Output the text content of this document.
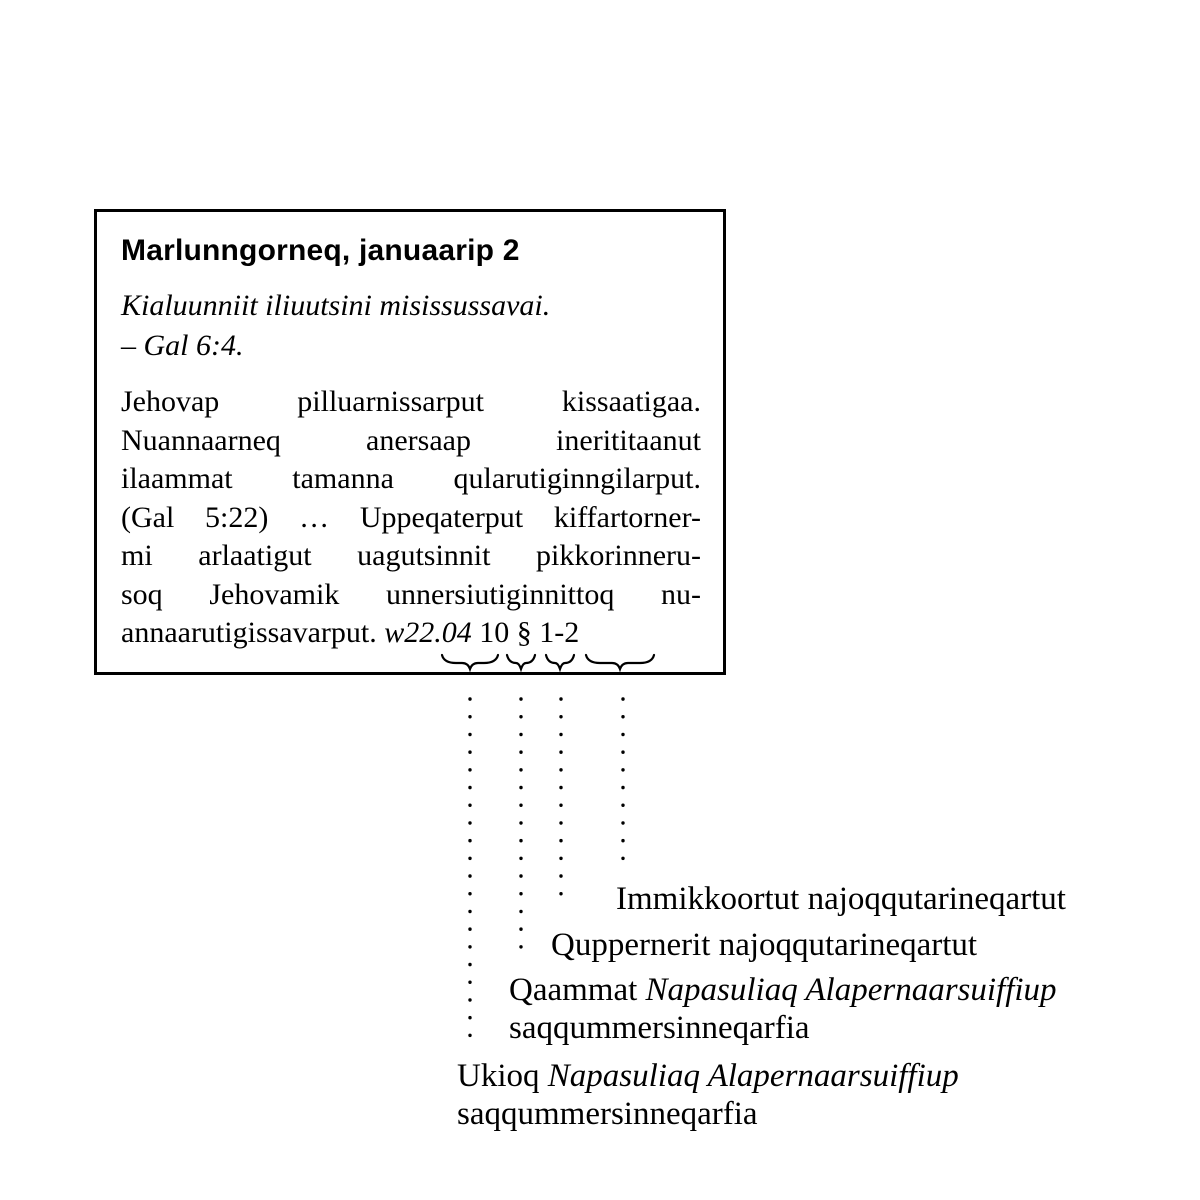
Marlunngorneq, januaarip 2
Kialuunniit iliuutsini misissussavai.
– Gal 6:4.
Jehovap pilluarnissarput kissaatigaa.
Nuannaarneq anersaap inerititaanut
ilaammat tamanna qularutiginngilarput.
(Gal 5:22) … Uppeqaterput kiffartorner-
mi arlaatigut uagutsinnit pikkorinneru-
soq Jehovamik unnersiutiginnittoq nu-
annaarutigissavarput. w22.04 10 § 1-2
Immikkoortut najoqqutarineqartut
Quppernerit najoqqutarineqartut
Qaammat Napasuliaq Alapernaarsuiffiup
saqqummersinneqarfia
Ukioq Napasuliaq Alapernaarsuiffiup
saqqummersinneqarfia
